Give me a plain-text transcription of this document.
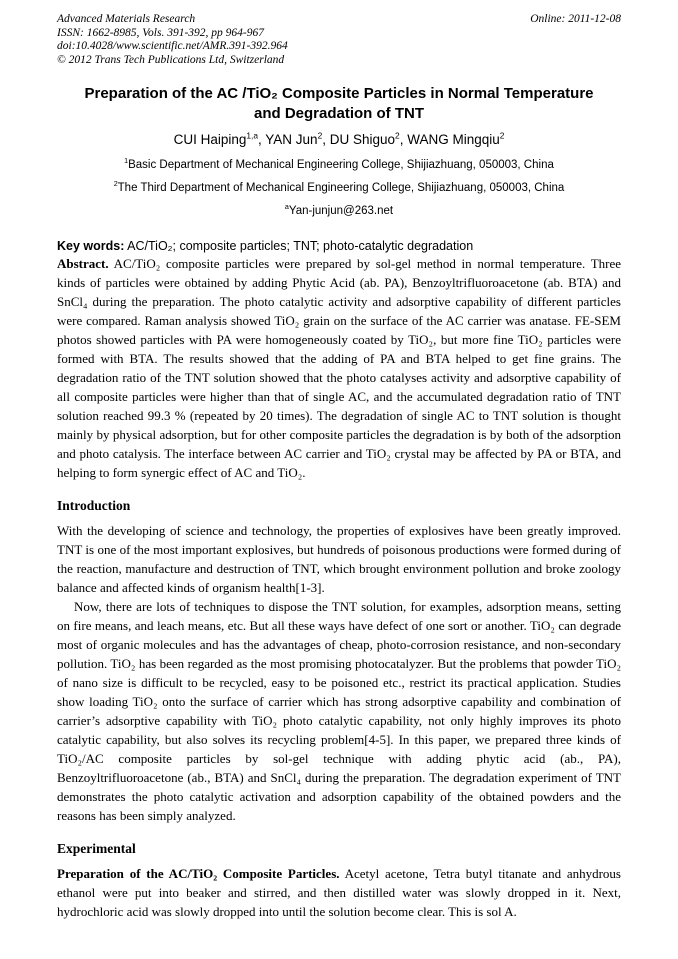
Advanced Materials Research
ISSN: 1662-8985, Vols. 391-392, pp 964-967
doi:10.4028/www.scientific.net/AMR.391-392.964
© 2012 Trans Tech Publications Ltd, Switzerland
Online: 2011-12-08
Preparation of the AC /TiO₂ Composite Particles in Normal Temperature
and Degradation of TNT
CUI Haiping$^{1,a}$, YAN Jun$^2$, DU Shiguo$^2$, WANG Mingqiu$^2$
$^1$Basic Department of Mechanical Engineering College, Shijiazhuang, 050003, China
$^2$The Third Department of Mechanical Engineering College, Shijiazhuang, 050003, China
$^a$Yan-junjun@263.net
Key words: AC/TiO₂; composite particles; TNT; photo-catalytic degradation

Abstract. AC/TiO₂ composite particles were prepared by sol-gel method in normal temperature. Three kinds of particles were obtained by adding Phytic Acid (ab. PA), Benzoyltrifluoroacetone (ab. BTA) and SnCl₄ during the preparation. The photo catalytic activity and adsorptive capability of different particles were compared. Raman analysis showed TiO₂ grain on the surface of the AC carrier was anatase. FE-SEM photos showed particles with PA were homogeneously coated by TiO₂, but more fine TiO₂ particles were formed with BTA. The results showed that the adding of PA and BTA helped to get fine grains. The degradation ratio of the TNT solution showed that the photo catalyses activity and adsorptive capability of all composite particles were higher than that of single AC, and the accumulated degradation ratio of TNT solution reached 99.3 % (repeated by 20 times). The degradation of single AC to TNT solution is thought mainly by physical adsorption, but for other composite particles the degradation is by both of the adsorption and photo catalysis. The interface between AC carrier and TiO₂ crystal may be affected by PA or BTA, and helping to form synergic effect of AC and TiO₂.

Introduction

With the developing of science and technology, the properties of explosives have been greatly improved. TNT is one of the most important explosives, but hundreds of poisonous productions were formed during of the reaction, manufacture and destruction of TNT, which brought environment pollution and broke zoology balance and affected kinds of organism health[1-3].

Now, there are lots of techniques to dispose the TNT solution, for examples, adsorption means, setting on fire means, and leach means, etc. But all these ways have defect of one sort or another. TiO₂ can degrade most of organic molecules and has the advantages of cheap, photo-corrosion resistance, and non-secondary pollution. TiO₂ has been regarded as the most promising photocatalyzer. But the problems that powder TiO₂ of nano size is difficult to be recycled, easy to be poisoned etc., restrict its practical application. Studies show loading TiO₂ onto the surface of carrier which has strong adsorptive capability and combination of carrier’s adsorptive capability with TiO₂ photo catalytic capability, not only highly improves its photo catalytic capability, but also solves its recycling problem[4-5]. In this paper, we prepared three kinds of TiO₂/AC composite particles by sol-gel technique with adding phytic acid (ab., PA), Benzoyltrifluoroacetone (ab., BTA) and SnCl₄ during the preparation. The degradation experiment of TNT demonstrates the photo catalytic activation and adsorption capability of the obtained powders and the reasons has been simply analyzed.

Experimental

Preparation of the AC/TiO₂ Composite Particles. Acetyl acetone, Tetra butyl titanate and anhydrous ethanol were put into beaker and stirred, and then distilled water was slowly dropped in it. Next, hydrochloric acid was slowly dropped into until the solution become clear. This is sol A.
